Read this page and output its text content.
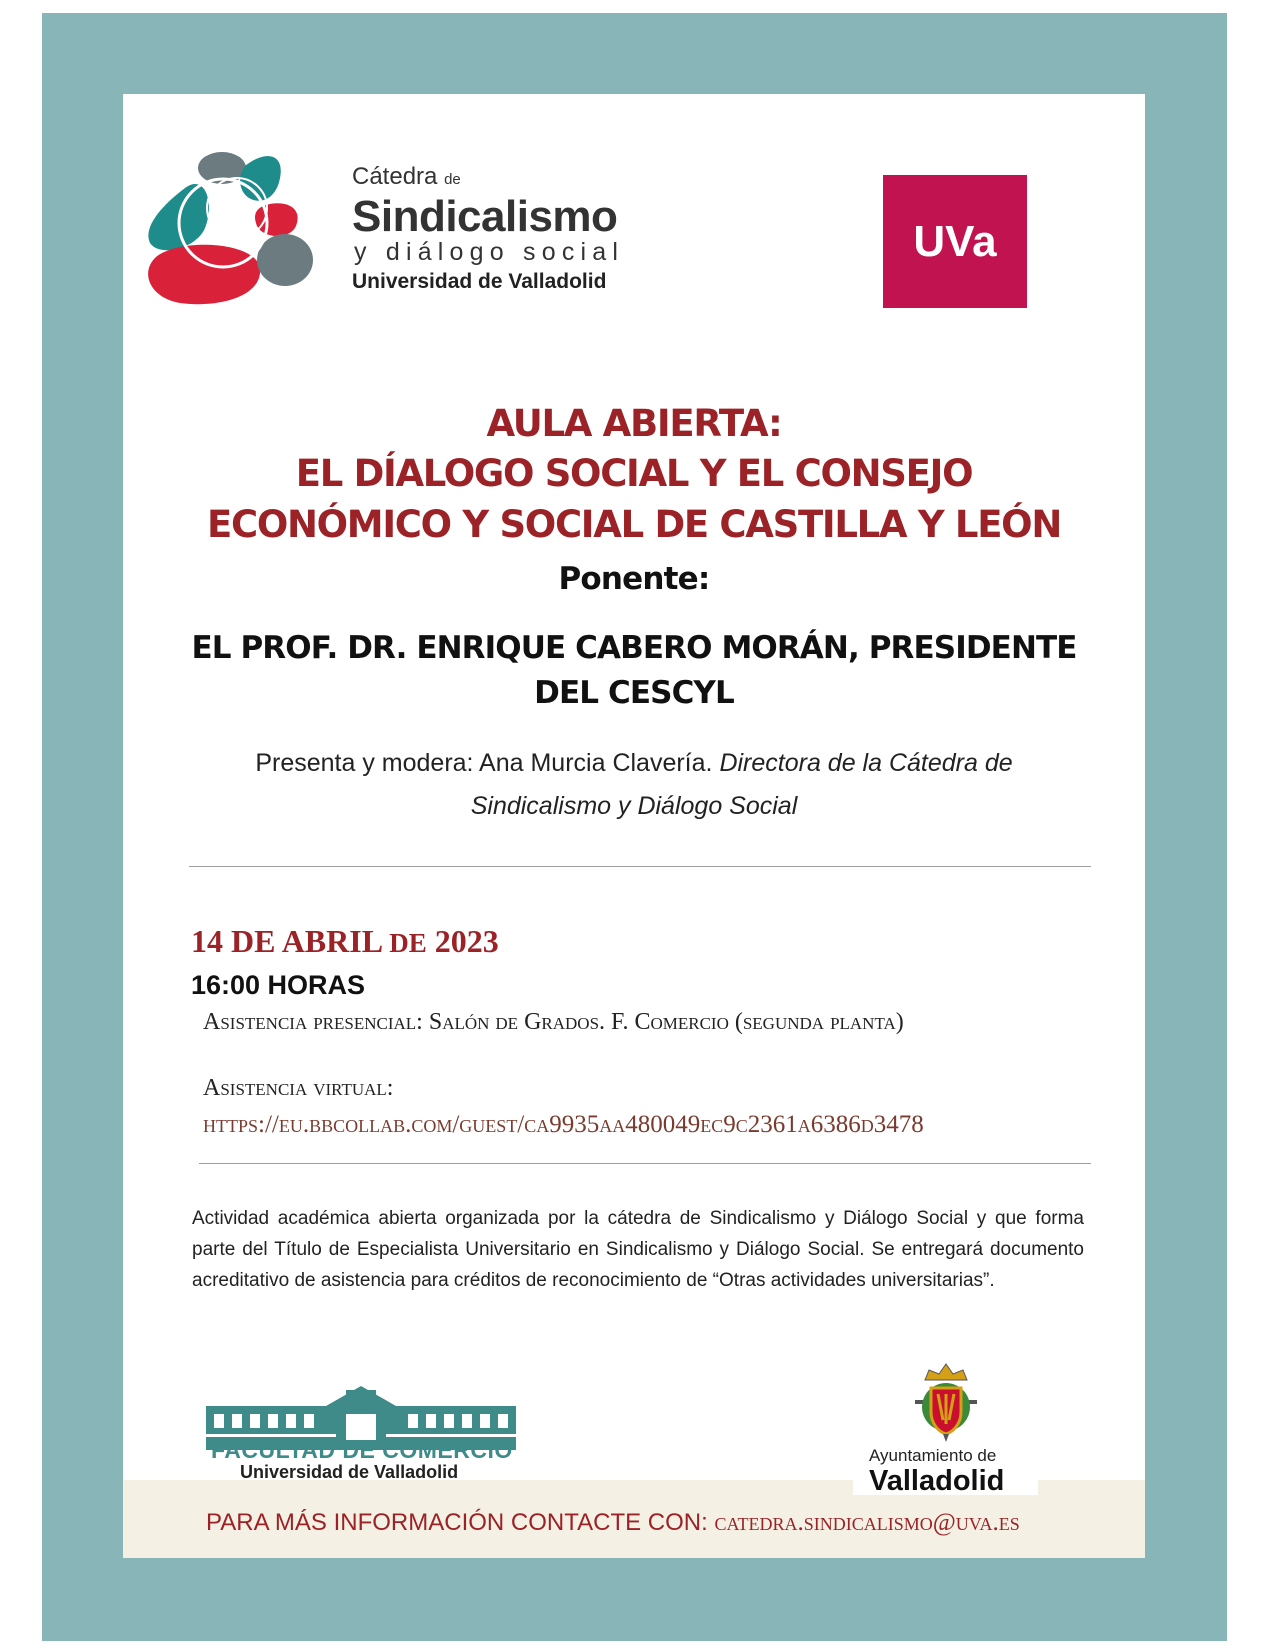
Cátedra de
Sindicalismo
y diálogo social
Universidad de Valladolid
UVa
AULA ABIERTA:
EL DÍALOGO SOCIAL Y EL CONSEJO
ECONÓMICO Y SOCIAL DE CASTILLA Y LEÓN
Ponente:
EL PROF. DR. ENRIQUE CABERO MORÁN, PRESIDENTE
DEL CESCYL
Presenta y modera: Ana Murcia Clavería. Directora de la Cátedra de
Sindicalismo y Diálogo Social
14 DE ABRIL DE 2023
16:00 HORAS
Asistencia presencial: Salón de Grados. F. Comercio (segunda planta)
Asistencia virtual:
https://eu.bbcollab.com/guest/ca9935aa480049ec9c2361a6386d3478
Actividad académica abierta organizada por la cátedra de Sindicalismo y Diálogo Social y que forma parte del Título de Especialista Universitario en Sindicalismo y Diálogo Social. Se entregará documento acreditativo de asistencia para créditos de reconocimiento de “Otras actividades universitarias”.
FACULTAD DE COMERCIO
Universidad de Valladolid
Ayuntamiento de
Valladolid
PARA MÁS INFORMACIÓN CONTACTE CON: catedra.sindicalismo@uva.es
